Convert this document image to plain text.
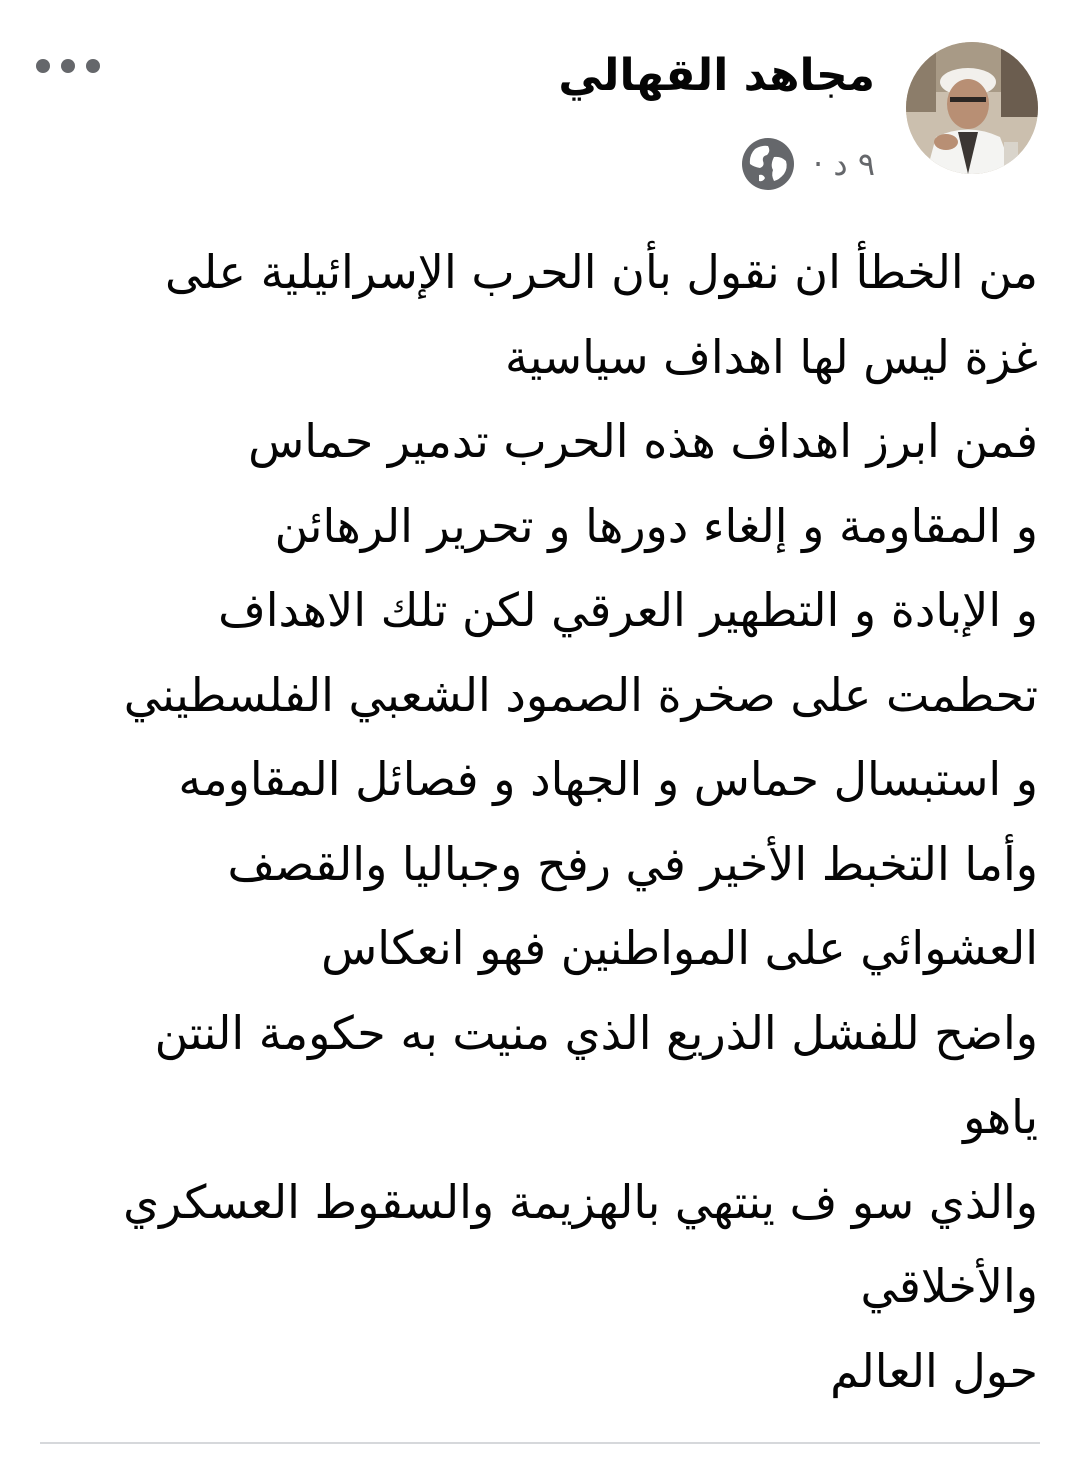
مجاهد القهالي
٩ د ·
من الخطأ ان نقول بأن الحرب الإسرائيلية على
غزة ليس لها اهداف سياسية
فمن ابرز اهداف هذه الحرب تدمير حماس
و المقاومة و إلغاء دورها و تحرير الرهائن
و الإبادة و التطهير العرقي لكن تلك الاهداف
تحطمت على صخرة الصمود الشعبي الفلسطيني
و استبسال حماس و الجهاد و فصائل المقاومه
وأما التخبط الأخير في رفح وجباليا والقصف
العشوائي على المواطنين فهو انعكاس
واضح للفشل الذريع الذي منيت به حكومة النتن
ياهو
والذي سو ف ينتهي بالهزيمة والسقوط العسكري
والأخلاقي
حول العالم
